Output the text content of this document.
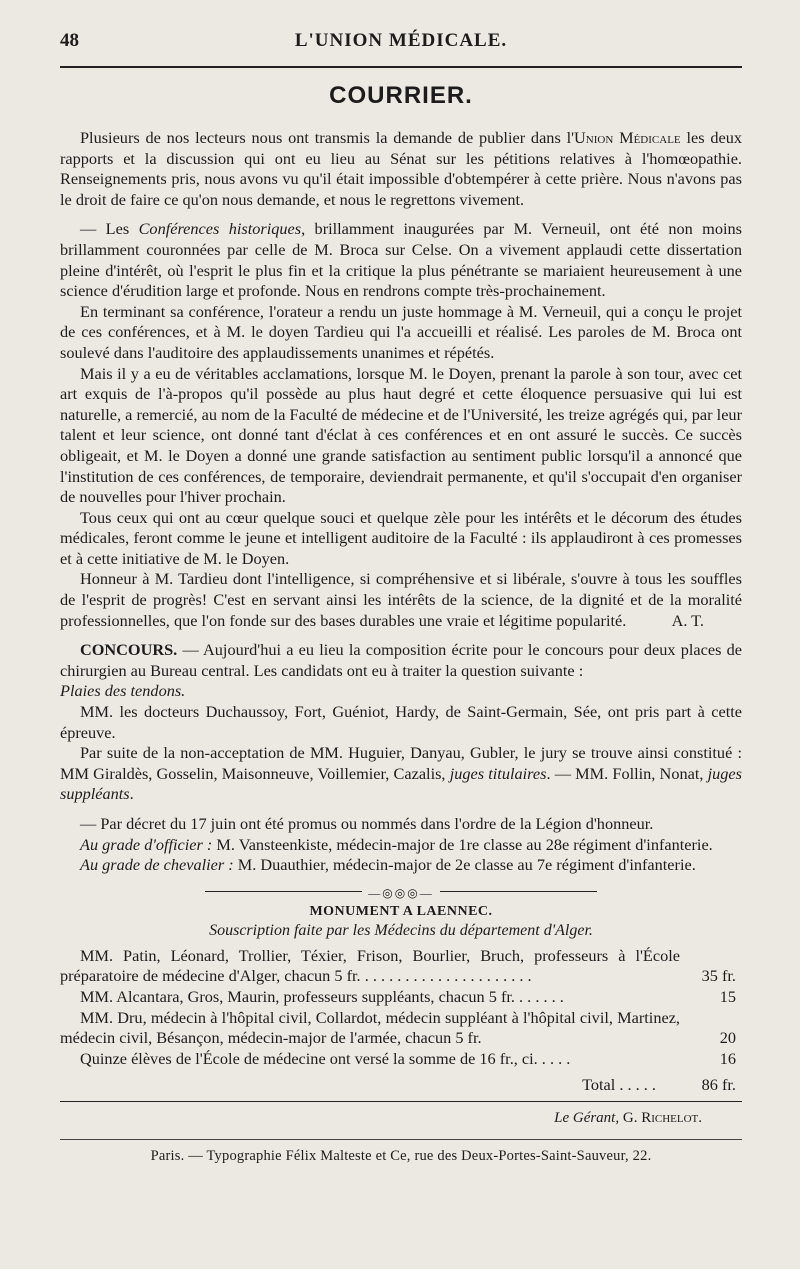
48	L'UNION MÉDICALE.
COURRIER.

Plusieurs de nos lecteurs nous ont transmis la demande de publier dans l'Union Médicale les deux rapports et la discussion qui ont eu lieu au Sénat sur les pétitions relatives à l'homœopathie. Renseignements pris, nous avons vu qu'il était impossible d'obtempérer à cette prière. Nous n'avons pas le droit de faire ce qu'on nous demande, et nous le regrettons vivement.

— Les Conférences historiques, brillamment inaugurées par M. Verneuil, ont été non moins brillamment couronnées par celle de M. Broca sur Celse. On a vivement applaudi cette dissertation pleine d'intérêt, où l'esprit le plus fin et la critique la plus pénétrante se mariaient heureusement à une science d'érudition large et profonde. Nous en rendrons compte très-prochainement.

En terminant sa conférence, l'orateur a rendu un juste hommage à M. Verneuil, qui a conçu le projet de ces conférences, et à M. le doyen Tardieu qui l'a accueilli et réalisé. Les paroles de M. Broca ont soulevé dans l'auditoire des applaudissements unanimes et répétés.

Mais il y a eu de véritables acclamations, lorsque M. le Doyen, prenant la parole à son tour, avec cet art exquis de l'à-propos qu'il possède au plus haut degré et cette éloquence persuasive qui lui est naturelle, a remercié, au nom de la Faculté de médecine et de l'Université, les treize agrégés qui, par leur talent et leur science, ont donné tant d'éclat à ces conférences et en ont assuré le succès. Ce succès obligeait, et M. le Doyen a donné une grande satisfaction au sentiment public lorsqu'il a annoncé que l'institution de ces conférences, de temporaire, deviendrait permanente, et qu'il s'occupait d'en organiser de nouvelles pour l'hiver prochain.

Tous ceux qui ont au cœur quelque souci et quelque zèle pour les intérêts et le décorum des études médicales, feront comme le jeune et intelligent auditoire de la Faculté : ils applaudiront à ces promesses et à cette initiative de M. le Doyen.

Honneur à M. Tardieu dont l'intelligence, si compréhensive et si libérale, s'ouvre à tous les souffles de l'esprit de progrès! C'est en servant ainsi les intérêts de la science, de la dignité et de la moralité professionnelles, que l'on fonde sur des bases durables une vraie et légitime popularité.	A. T.

CONCOURS. — Aujourd'hui a eu lieu la composition écrite pour le concours pour deux places de chirurgien au Bureau central. Les candidats ont eu à traiter la question suivante :

Plaies des tendons.

MM. les docteurs Duchaussoy, Fort, Guéniot, Hardy, de Saint-Germain, Sée, ont pris part à cette épreuve.

Par suite de la non-acceptation de MM. Huguier, Danyau, Gubler, le jury se trouve ainsi constitué : MM Giraldès, Gosselin, Maisonneuve, Voillemier, Cazalis, juges titulaires. — MM. Follin, Nonat, juges suppléants.

— Par décret du 17 juin ont été promus ou nommés dans l'ordre de la Légion d'honneur.

Au grade d'officier : M. Vansteenkiste, médecin-major de 1re classe au 28e régiment d'infanterie.

Au grade de chevalier : M. Duauthier, médecin-major de 2e classe au 7e régiment d'infanterie.

—◎◎◎—
MONUMENT A LAENNEC.
Souscription faite par les Médecins du département d'Alger.
MM. Patin, Léonard, Trollier, Téxier, Frison, Bourlier, Bruch, professeurs à l'École préparatoire de médecine d'Alger, chacun 5 fr. . . . . . . . . . . . . . . . . . . . . .	35 fr.
MM. Alcantara, Gros, Maurin, professeurs suppléants, chacun 5 fr. . . . . . .	15
MM. Dru, médecin à l'hôpital civil, Collardot, médecin suppléant à l'hôpital civil, Martinez, médecin civil, Bésançon, médecin-major de l'armée, chacun 5 fr.	20
Quinze élèves de l'École de médecine ont versé la somme de 16 fr., ci. . . . .	16
Total . . . . .	86 fr.
Le Gérant, G. Richelot.
Paris. — Typographie Félix Malteste et Ce, rue des Deux-Portes-Saint-Sauveur, 22.
